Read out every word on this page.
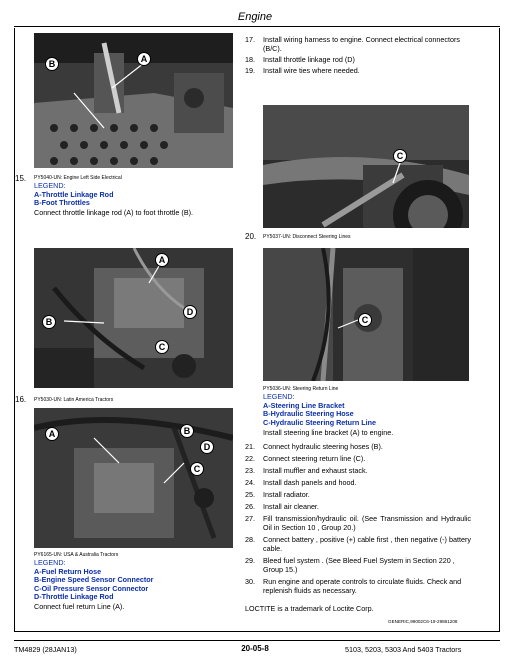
Engine
A
B
15. PY5040-UN: Engine Left Side Electrical
LEGEND:
A-Throttle Linkage Rod
B-Foot Throttles
Connect throttle linkage rod (A) to foot throttle (B).
17.	Install wiring harness to engine. Connect electrical connectors (B/C).
18.	Install throttle linkage rod (D)
19.	Install wire ties where needed.
C
20. PY5037-UN: Disconnect Steering Lines
A
B
D
C
16. PY5030-UN: Latin America Tractors
A	B
C
D
PY6165-UN: USA & Australia Tractors
LEGEND:
A-Fuel Return Hose
B-Engine Speed Sensor Connector
C-Oil Pressure Sensor Connector
D-Throttle Linkage Rod
Connect fuel return Line (A).
C
PY5036-UN: Steering Return Line
LEGEND:
A-Steering Line Bracket
B-Hydraulic Steering Hose
C-Hydraulic Steering Return Line
Install steering line bracket (A) to engine.
21.	Connect hydraulic steering hoses (B).
22.	Connect steering return line (C).
23.	Install muffler and exhaust stack.
24.	Install dash panels and hood.
25.	Install radiator.
26.	Install air cleaner.
27.	Fill transmission/hydraulic oil. (See Transmission and Hydraulic Oil in Section 10 , Group 20.)
28.	Connect battery , positive (+) cable first , then negative (-) battery cable.
29.	Bleed fuel system . (See Bleed Fuel System in Section 220 , Group 15.)
30.	Run engine and operate controls to circulate fluids. Check and replenish fluids as necessary.
LOCTITE is a trademark of Loctite Corp.
GENERIC,99002C6-19-29861208
TM4829 (28JAN13)	20-05-8	5103, 5203, 5303 And 5403 Tractors
